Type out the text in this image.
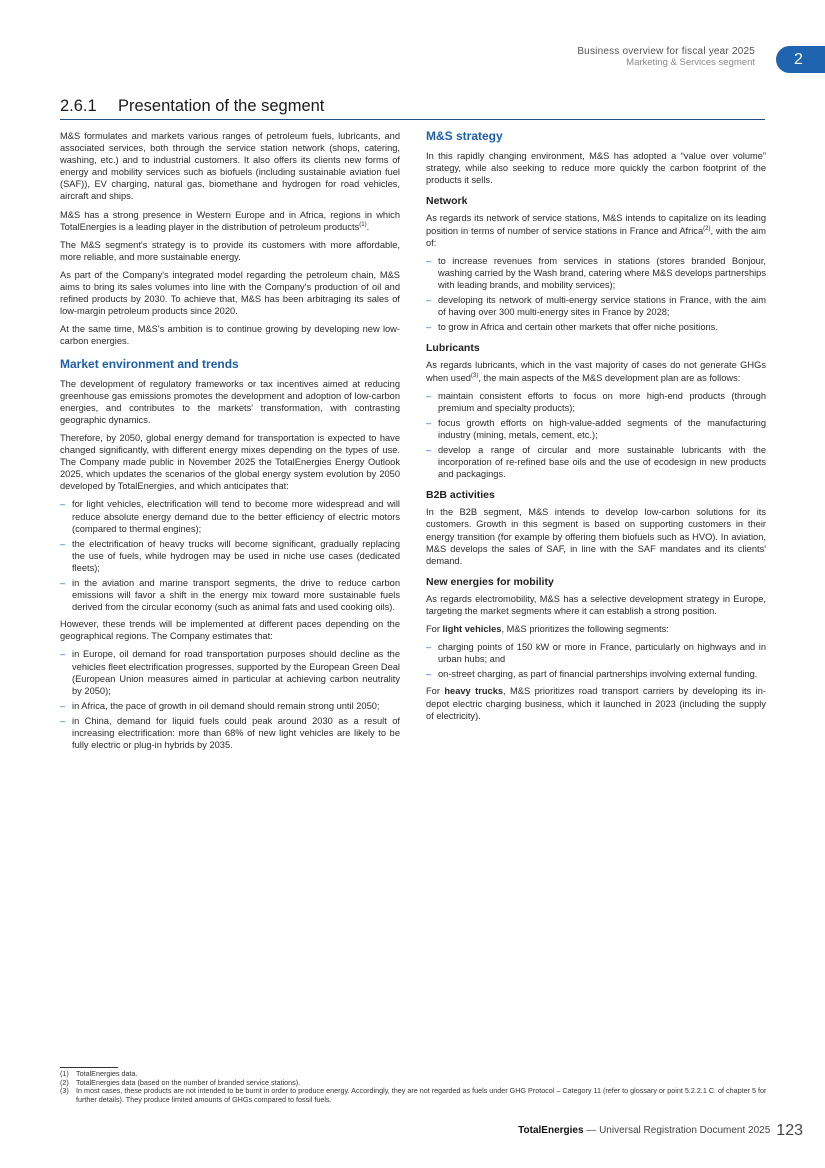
Business overview for fiscal year 2025
Marketing & Services segment	2
2.6.1 Presentation of the segment

M&S formulates and markets various ranges of petroleum fuels, lubricants, and associated services, both through the service station network (shops, catering, washing, etc.) and to industrial customers. It also offers its clients new forms of energy and mobility services such as biofuels (including sustainable aviation fuel (SAF)), EV charging, natural gas, biomethane and hydrogen for road vehicles, aircraft and ships.

M&S has a strong presence in Western Europe and in Africa, regions in which TotalEnergies is a leading player in the distribution of petroleum products$^{(1)}$.

The M&S segment's strategy is to provide its customers with more affordable, more reliable, and more sustainable energy.

As part of the Company's integrated model regarding the petroleum chain, M&S aims to bring its sales volumes into line with the Company's production of oil and refined products by 2030. To achieve that, M&S has been arbitraging its sales of low-margin petroleum products since 2020.

At the same time, M&S's ambition is to continue growing by developing new low-carbon energies.

Market environment and trends

The development of regulatory frameworks or tax incentives aimed at reducing greenhouse gas emissions promotes the development and adoption of low-carbon energies, and contributes to the markets' transformation, with contrasting geographic dynamics.

Therefore, by 2050, global energy demand for transportation is expected to have changed significantly, with different energy mixes depending on the types of use. The Company made public in November 2025 the TotalEnergies Energy Outlook 2025, which updates the scenarios of the global energy system evolution by 2050 developed by TotalEnergies, and which anticipates that:

– for light vehicles, electrification will tend to become more widespread and will reduce absolute energy demand due to the better efficiency of electric motors (compared to thermal engines);
– the electrification of heavy trucks will become significant, gradually replacing the use of fuels, while hydrogen may be used in niche use cases (dedicated fleets);
– in the aviation and marine transport segments, the drive to reduce carbon emissions will favor a shift in the energy mix toward more sustainable fuels derived from the circular economy (such as animal fats and used cooking oils).

However, these trends will be implemented at different paces depending on the geographical regions. The Company estimates that:

– in Europe, oil demand for road transportation purposes should decline as the vehicles fleet electrification progresses, supported by the European Green Deal (European Union measures aimed in particular at achieving carbon neutrality by 2050);
– in Africa, the pace of growth in oil demand should remain strong until 2050;
– in China, demand for liquid fuels could peak around 2030 as a result of increasing electrification: more than 68% of new light vehicles are likely to be fully electric or plug-in hybrids by 2035.
M&S strategy

In this rapidly changing environment, M&S has adopted a “value over volume” strategy, while also seeking to reduce more quickly the carbon footprint of the products it sells.

Network

As regards its network of service stations, M&S intends to capitalize on its leading position in terms of number of service stations in France and Africa$^{(2)}$, with the aim of:

– to increase revenues from services in stations (stores branded Bonjour, washing carried by the Wash brand, catering where M&S develops partnerships with leading brands, and mobility services);
– developing its network of multi-energy service stations in France, with the aim of having over 300 multi-energy sites in France by 2028;
– to grow in Africa and certain other markets that offer niche positions.
Lubricants

As regards lubricants, which in the vast majority of cases do not generate GHGs when used$^{(3)}$, the main aspects of the M&S development plan are as follows:

– maintain consistent efforts to focus on more high-end products (through premium and specialty products);
– focus growth efforts on high-value-added segments of the manufacturing industry (mining, metals, cement, etc.);
– develop a range of circular and more sustainable lubricants with the incorporation of re-refined base oils and the use of ecodesign in new products and packagings.
B2B activities

In the B2B segment, M&S intends to develop low-carbon solutions for its customers. Growth in this segment is based on supporting customers in their energy transition (for example by offering them biofuels such as HVO). In aviation, M&S develops the sales of SAF, in line with the SAF mandates and its clients' demand.

New energies for mobility

As regards electromobility, M&S has a selective development strategy in Europe, targeting the market segments where it can establish a strong position.

For light vehicles, M&S prioritizes the following segments:

– charging points of 150 kW or more in France, particularly on highways and in urban hubs; and
– on-street charging, as part of financial partnerships involving external funding.

For heavy trucks, M&S prioritizes road transport carriers by developing its in-depot electric charging business, which it launched in 2023 (including the supply of electricity).

(1) TotalEnergies data.
(2) TotalEnergies data (based on the number of branded service stations).
(3) In most cases, these products are not intended to be burnt in order to produce energy. Accordingly, they are not regarded as fuels under GHG Protocol – Category 11 (refer to glossary or point 5.2.2.1 C. of chapter 5 for further details). They produce limited amounts of GHGs compared to fossil fuels.
TotalEnergies — Universal Registration Document 2025 123
